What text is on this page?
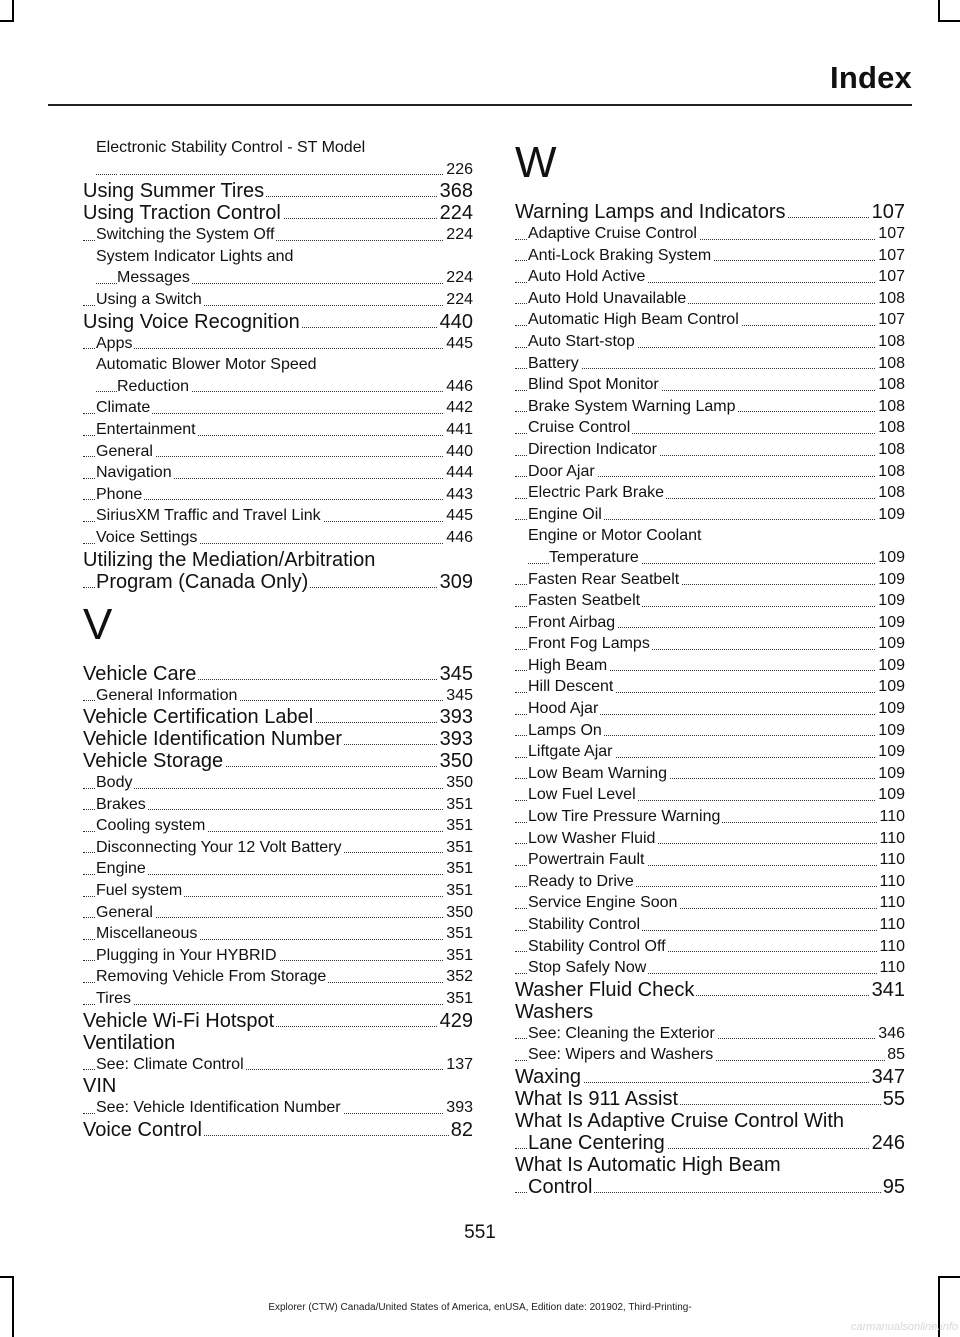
Index
Electronic Stability Control - ST Model
226
Using Summer Tires	368
Using Traction Control	224
Switching the System Off	224
System Indicator Lights and
Messages	224
Using a Switch	224
Using Voice Recognition	440
Apps	445
Automatic Blower Motor Speed
Reduction	446
Climate	442
Entertainment	441
General	440
Navigation	444
Phone	443
SiriusXM Traffic and Travel Link	445
Voice Settings	446
Utilizing the Mediation/Arbitration
Program (Canada Only)	309
V
Vehicle Care	345
General Information	345
Vehicle Certification Label	393
Vehicle Identification Number	393
Vehicle Storage	350
Body	350
Brakes	351
Cooling system	351
Disconnecting Your 12 Volt Battery	351
Engine	351
Fuel system	351
General	350
Miscellaneous	351
Plugging in Your HYBRID	351
Removing Vehicle From Storage	352
Tires	351
Vehicle Wi-Fi Hotspot	429
Ventilation
See: Climate Control	137
VIN
See: Vehicle Identification Number	393
Voice Control	82
W
Warning Lamps and Indicators	107
Adaptive Cruise Control	107
Anti-Lock Braking System	107
Auto Hold Active	107
Auto Hold Unavailable	108
Automatic High Beam Control	107
Auto Start-stop	108
Battery	108
Blind Spot Monitor	108
Brake System Warning Lamp	108
Cruise Control	108
Direction Indicator	108
Door Ajar	108
Electric Park Brake	108
Engine Oil	109
Engine or Motor Coolant
Temperature	109
Fasten Rear Seatbelt	109
Fasten Seatbelt	109
Front Airbag	109
Front Fog Lamps	109
High Beam	109
Hill Descent	109
Hood Ajar	109
Lamps On	109
Liftgate Ajar	109
Low Beam Warning	109
Low Fuel Level	109
Low Tire Pressure Warning	110
Low Washer Fluid	110
Powertrain Fault	110
Ready to Drive	110
Service Engine Soon	110
Stability Control	110
Stability Control Off	110
Stop Safely Now	110
Washer Fluid Check	341
Washers
See: Cleaning the Exterior	346
See: Wipers and Washers	85
Waxing	347
What Is 911 Assist	55
What Is Adaptive Cruise Control With
Lane Centering	246
What Is Automatic High Beam
Control	95
551
Explorer (CTW) Canada/United States of America, enUSA, Edition date: 201902, Third-Printing-
carmanualsonline.info
